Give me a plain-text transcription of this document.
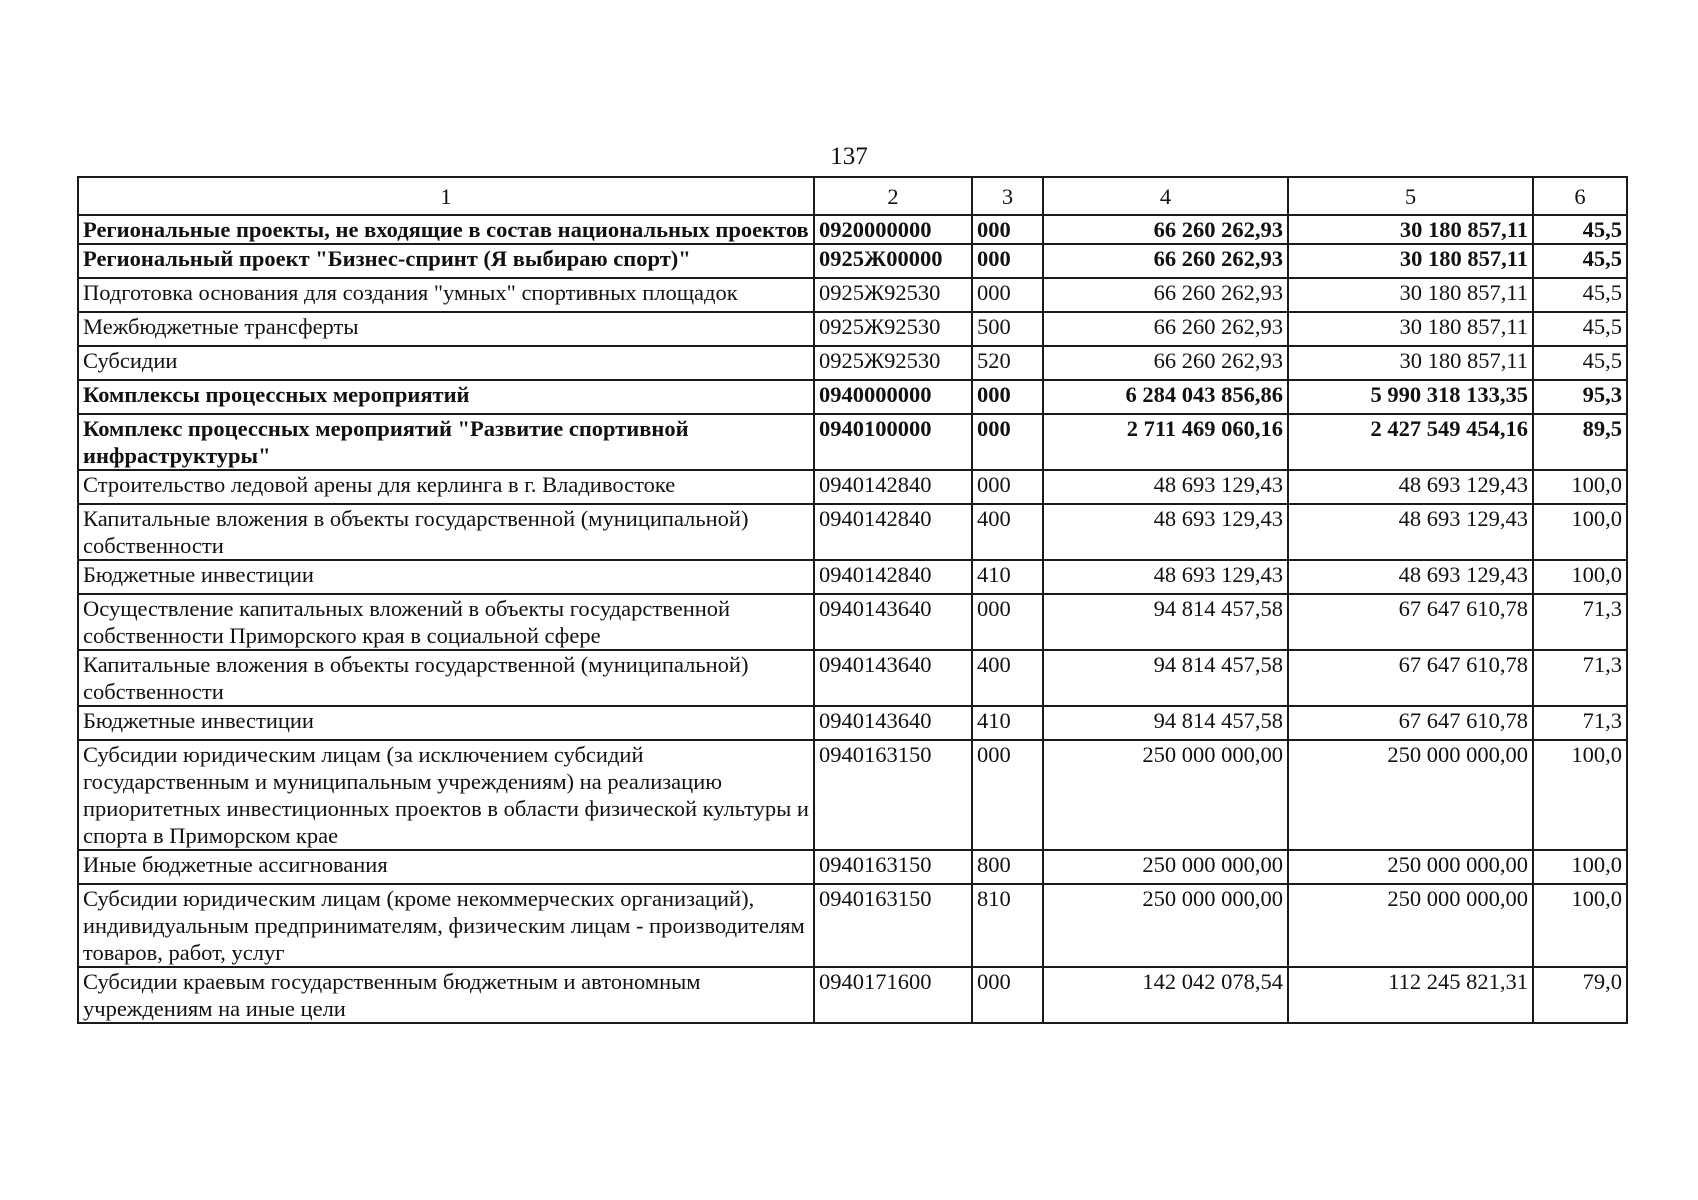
137
1	2	3	4	5	6
Региональные проекты, не входящие в состав национальных проектов	0920000000	000	66 260 262,93	30 180 857,11	45,5
Региональный проект "Бизнес-спринт (Я выбираю спорт)"	0925Ж00000	000	66 260 262,93	30 180 857,11	45,5
Подготовка основания для создания "умных" спортивных площадок	0925Ж92530	000	66 260 262,93	30 180 857,11	45,5
Межбюджетные трансферты	0925Ж92530	500	66 260 262,93	30 180 857,11	45,5
Субсидии	0925Ж92530	520	66 260 262,93	30 180 857,11	45,5
Комплексы процессных мероприятий	0940000000	000	6 284 043 856,86	5 990 318 133,35	95,3
Комплекс процессных мероприятий "Развитие спортивной инфраструктуры"	0940100000	000	2 711 469 060,16	2 427 549 454,16	89,5
Строительство ледовой арены для керлинга в г. Владивостоке	0940142840	000	48 693 129,43	48 693 129,43	100,0
Капитальные вложения в объекты государственной (муниципальной) собственности	0940142840	400	48 693 129,43	48 693 129,43	100,0
Бюджетные инвестиции	0940142840	410	48 693 129,43	48 693 129,43	100,0
Осуществление капитальных вложений в объекты государственной собственности Приморского края в социальной сфере	0940143640	000	94 814 457,58	67 647 610,78	71,3
Капитальные вложения в объекты государственной (муниципальной) собственности	0940143640	400	94 814 457,58	67 647 610,78	71,3
Бюджетные инвестиции	0940143640	410	94 814 457,58	67 647 610,78	71,3
Субсидии юридическим лицам (за исключением субсидий государственным и муниципальным учреждениям) на реализацию приоритетных инвестиционных проектов в области физической культуры и спорта в Приморском крае	0940163150	000	250 000 000,00	250 000 000,00	100,0
Иные бюджетные ассигнования	0940163150	800	250 000 000,00	250 000 000,00	100,0
Субсидии юридическим лицам (кроме некоммерческих организаций), индивидуальным предпринимателям, физическим лицам - производителям товаров, работ, услуг	0940163150	810	250 000 000,00	250 000 000,00	100,0
Субсидии краевым государственным бюджетным и автономным учреждениям на иные цели	0940171600	000	142 042 078,54	112 245 821,31	79,0
